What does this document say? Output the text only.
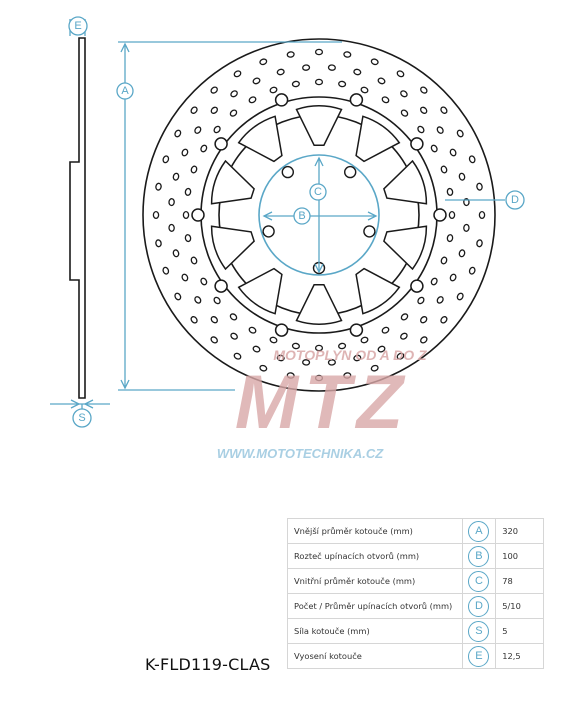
A
B
C
D
E
S
MOTOPLYN OD A DO Z
MTZ
WWW.MOTOTECHNIKA.CZ
Vnější průměr kotouče (mm)	A	320
Rozteč upínacích otvorů (mm)	B	100
Vnitřní průměr kotouče (mm)	C	78
Počet / Průměr upínacích otvorů (mm)	D	5/10
Síla kotouče (mm)	S	5
Vyosení kotouče	E	12,5
K-FLD119-CLAS
